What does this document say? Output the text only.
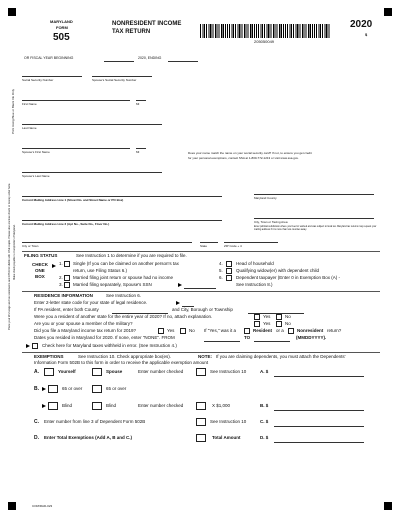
MARYLAND
FORM
505
NONRESIDENT INCOME
TAX RETURN
205050049
2020
$
OR FISCAL YEAR BEGINNING	2020, ENDING
Print Using Blue or Black Ink Only
Place your W-2 wage and tax statements and ATTACH HERE with ONE staple. Please also enclose check or money order here. Make check payable to Comptroller of Maryland.
Social Security Number	Spouse's Social Security Number
First Name	MI
Last Name
Spouse's First Name	MI	Does your name match the name on your social security card? If not, to ensure you get credit
for your personal exemptions, contact SSA at 1-800-772-1213 or visit www.ssa.gov.
Spouse's Last Name
Current Mailing Address Line 1 (Street No. and Street Name or PO Box)	Maryland County
Current Mailing Address Line 2 (Apt No., Suite No., Floor No.)	City, Town or Taxing Area
Enter political subdivision where you lived or worked and was subject to local tax. Maryland tax returns may request your mailing address if it is more than two counties away.
City or Town	State	ZIP Code + 4
FILING STATUS	See Instruction 1 to determine if you are required to file.
CHECK
ONE
BOX
1. Single (If you can be claimed on another person's tax
return, use Filing Status 6.)
2. Married filing joint return or spouse had no income
3. Married filing separately, Spouse's SSN
4.	Head of household
5.	Qualifying widow(er) with dependent child
6.	Dependent taxpayer (Enter 0 in Exemption Box (A) -
See Instruction 8.)
RESIDENCE INFORMATION	See Instruction 6.
Enter 2-letter state code for your state of legal residence.
If PA resident, enter both County	and City, Borough or Township
Were you a resident of another state for the entire year of 2020? If no, attach explanation.	Yes	No
Are you or your spouse a member of the military?	Yes	No
Did you file a Maryland income tax return for 2019?	Yes	No If "Yes," was it a	Resident or a	Nonresident return?
Dates you resided in Maryland for 2020. If none, enter "NONE". FROM	TO	(MMDDYYYY).
Check here for Maryland taxes withheld in error. (See Instruction 4.)
EXEMPTIONS	See Instruction 10. Check appropriate box(es).	NOTE: If you are claiming dependents, you must attach the Dependents'
Information Form 502B to this form in order to receive the applicable exemption amount
A.	Yourself	Spouse	Enter number checked	See Instruction 10	A. $
B.	65 or over	65 or over
Blind	Blind	Enter number checked	X $1,000	B. $
C. Enter number from line 3 of Dependent Form 502B	See Instruction 10	C. $
D. Enter Total Exemptions (Add A, B and C.)	Total Amount	D. $
COM/RAD-023
